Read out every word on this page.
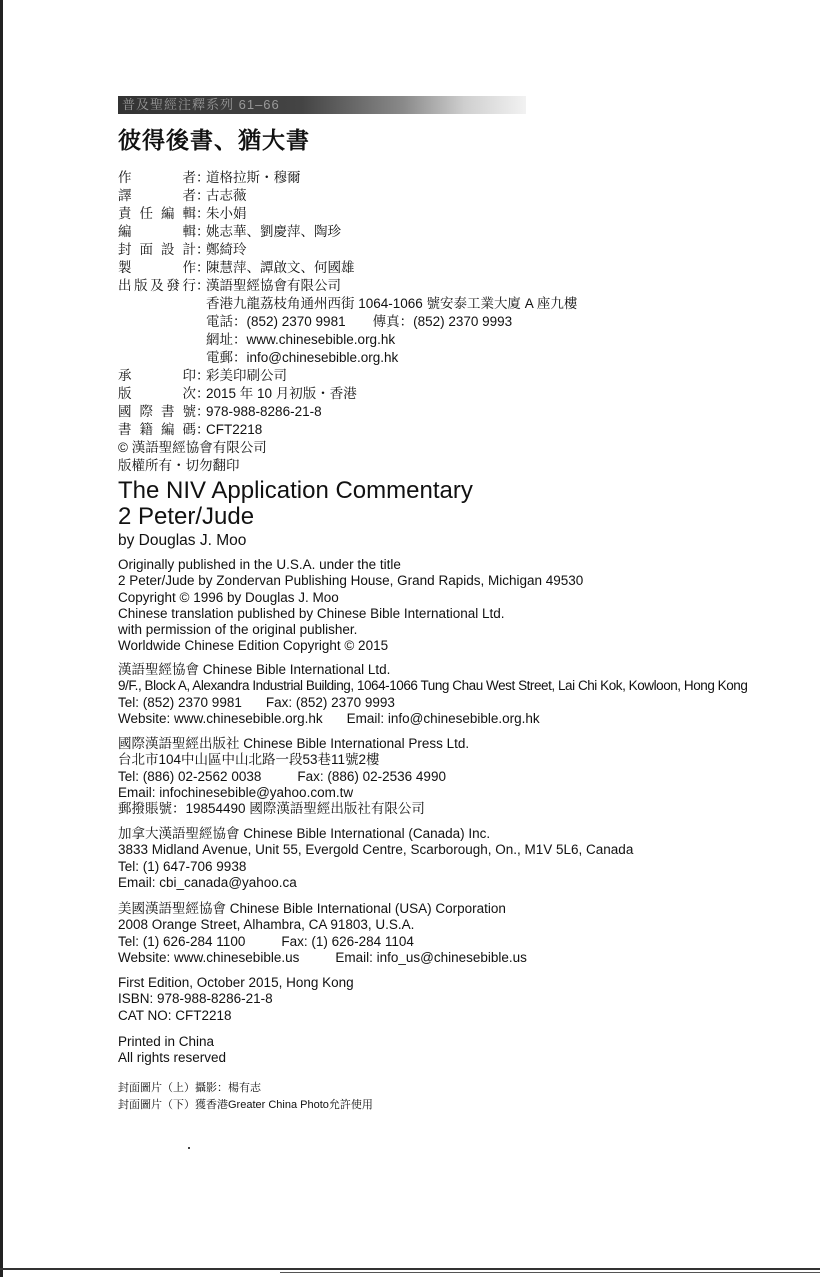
普及聖經注釋系列 61–66
彼得後書、猶大書
作	者 ：
道格拉斯・穆爾
譯	者 ：
古志薇
責 任 編 輯 ：
朱小娟
編	輯 ：
姚志華、劉慶萍、陶珍
封 面 設 計 ：
鄭綺玲
製	作 ：
陳慧萍、譚啟文、何國雄
出 版 及 發 行 ：
漢語聖經協會有限公司
香港九龍荔枝角通州西街 1064-1066 號安泰工業大廈 A 座九樓
電話：(852) 2370 9981　　傳真：(852) 2370 9993
網址：www.chinesebible.org.hk
電郵：info@chinesebible.org.hk
承	印 ：
彩美印刷公司
版	次 ：
2015 年 10 月初版・香港
國 際 書 號 ：
978-988-8286-21-8
書 籍 編 碼 ：
CFT2218
© 漢語聖經協會有限公司
版權所有・切勿翻印
The NIV Application Commentary
2 Peter/Jude
by Douglas J. Moo
Originally published in the U.S.A. under the title
2 Peter/Jude by Zondervan Publishing House, Grand Rapids, Michigan 49530
Copyright © 1996 by Douglas J. Moo
Chinese translation published by Chinese Bible International Ltd.
with permission of the original publisher.
Worldwide Chinese Edition Copyright © 2015
漢語聖經協會 Chinese Bible International Ltd.
9/F., Block A, Alexandra Industrial Building, 1064-1066 Tung Chau West Street, Lai Chi Kok, Kowloon, Hong Kong
Tel: (852) 2370 9981 Fax: (852) 2370 9993
Website: www.chinesebible.org.hk Email: info@chinesebible.org.hk
國際漢語聖經出版社 Chinese Bible International Press Ltd.
台北市104中山區中山北路一段53巷11號2樓
Tel: (886) 02-2562 0038	Fax: (886) 02-2536 4990
Email: infochinesebible@yahoo.com.tw
郵撥賬號：19854490 國際漢語聖經出版社有限公司
加拿大漢語聖經協會 Chinese Bible International (Canada) Inc.
3833 Midland Avenue, Unit 55, Evergold Centre, Scarborough, On., M1V 5L6, Canada
Tel: (1) 647-706 9938
Email: cbi_canada@yahoo.ca
美國漢語聖經協會 Chinese Bible International (USA) Corporation
2008 Orange Street, Alhambra, CA 91803, U.S.A.
Tel: (1) 626-284 1100	Fax: (1) 626-284 1104
Website: www.chinesebible.us	Email: info_us@chinesebible.us
First Edition, October 2015, Hong Kong
ISBN: 978-988-8286-21-8
CAT NO: CFT2218
Printed in China
All rights reserved
封面圖片（上）攝影：楊有志
封面圖片（下）獲香港Greater China Photo允許使用
